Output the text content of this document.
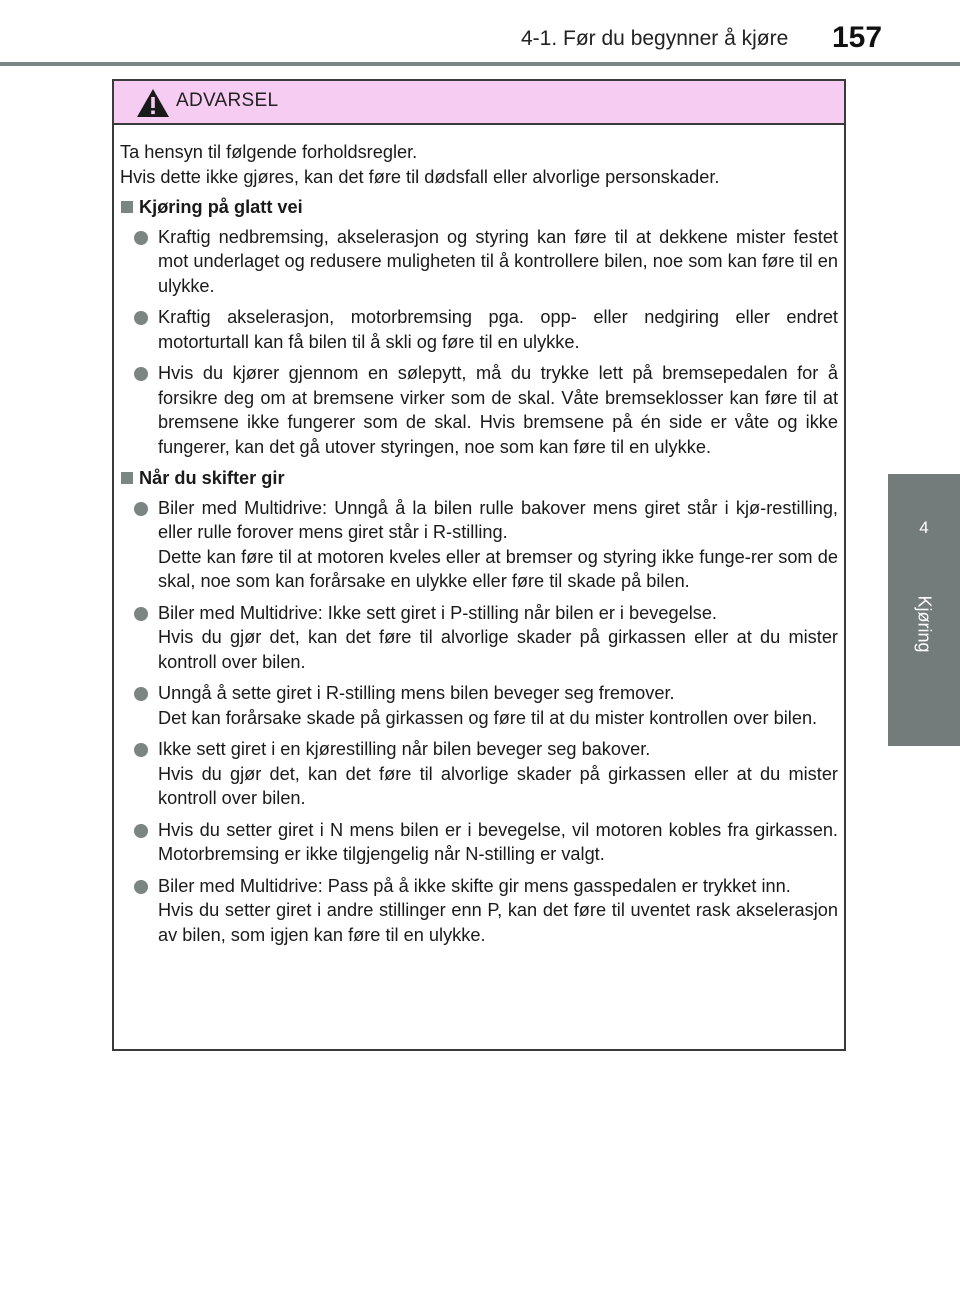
4-1. Før du begynner å kjøre 157
4
Kjøring
ADVARSEL

Ta hensyn til følgende forholdsregler.

Hvis dette ikke gjøres, kan det føre til dødsfall eller alvorlige personskader.

Kjøring på glatt vei

Kraftig nedbremsing, akselerasjon og styring kan føre til at dekkene mister festet mot underlaget og redusere muligheten til å kontrollere bilen, noe som kan føre til en ulykke.

Kraftig akselerasjon, motorbremsing pga. opp- eller nedgiring eller endret motorturtall kan få bilen til å skli og føre til en ulykke.

Hvis du kjører gjennom en sølepytt, må du trykke lett på bremsepedalen for å forsikre deg om at bremsene virker som de skal. Våte bremseklosser kan føre til at bremsene ikke fungerer som de skal. Hvis bremsene på én side er våte og ikke fungerer, kan det gå utover styringen, noe som kan føre til en ulykke.

Når du skifter gir

Biler med Multidrive: Unngå å la bilen rulle bakover mens giret står i kjø-restilling, eller rulle forover mens giret står i R-stilling.

Dette kan føre til at motoren kveles eller at bremser og styring ikke funge-rer som de skal, noe som kan forårsake en ulykke eller føre til skade på bilen.

Biler med Multidrive: Ikke sett giret i P-stilling når bilen er i bevegelse.

Hvis du gjør det, kan det føre til alvorlige skader på girkassen eller at du mister kontroll over bilen.

Unngå å sette giret i R-stilling mens bilen beveger seg fremover.

Det kan forårsake skade på girkassen og føre til at du mister kontrollen over bilen.

Ikke sett giret i en kjørestilling når bilen beveger seg bakover.

Hvis du gjør det, kan det føre til alvorlige skader på girkassen eller at du mister kontroll over bilen.

Hvis du setter giret i N mens bilen er i bevegelse, vil motoren kobles fra girkassen. Motorbremsing er ikke tilgjengelig når N-stilling er valgt.

Biler med Multidrive: Pass på å ikke skifte gir mens gasspedalen er trykket inn.

Hvis du setter giret i andre stillinger enn P, kan det føre til uventet rask akselerasjon av bilen, som igjen kan føre til en ulykke.
